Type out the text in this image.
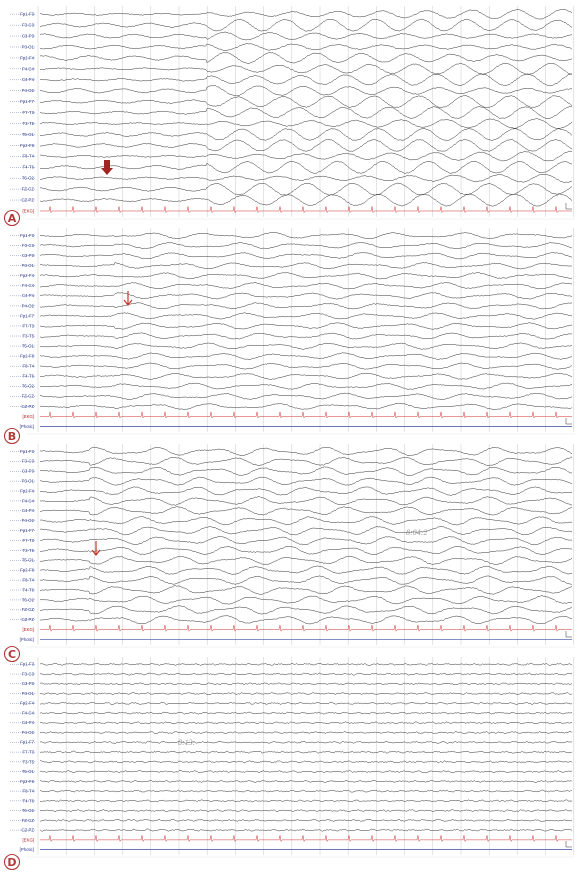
Fp1-F3
F3-C3
C3-P3
P3-O1
Fp2-F4
F4-C4
C4-P4
P4-O2
Fp1-F7
F7-T3
T3-T5
T5-O1
Fp2-F8
F8-T4
T4-T6
T6-O2
FZ-CZ
CZ-PZ
[EKG]
A
Fp1-F3
F3-C3
C3-P3
P3-O1
Fp2-F4
F4-C4
C4-P4
P4-O2
Fp1-F7
F7-T3
T3-T5
T5-O1
Fp2-F8
F8-T4
T4-T6
T6-O2
FZ-CZ
CZ-PZ
[EKG]
[Photic]
B
Fp1-F3
F3-C3
C3-P3
P3-O1
Fp2-F4
F4-C4
C4-P4
P4-O2
Fp1-F7
F7-T3
T3-T5
T5-O1
Fp2-F8
F8-T4
T4-T6
T6-O2
FZ-CZ
CZ-PZ
[EKG]
[Photic]
8:04:2
C
Fp1-F3
F3-C3
C3-P3
P3-O1
Fp2-F4
F4-C4
C4-P4
P4-O2
Fp1-F7
F7-T3
T3-T5
T5-O1
Fp2-F8
F8-T4
T4-T6
T6-O2
FZ-CZ
CZ-PZ
[EKG]
[Photic]
8:13:
D
